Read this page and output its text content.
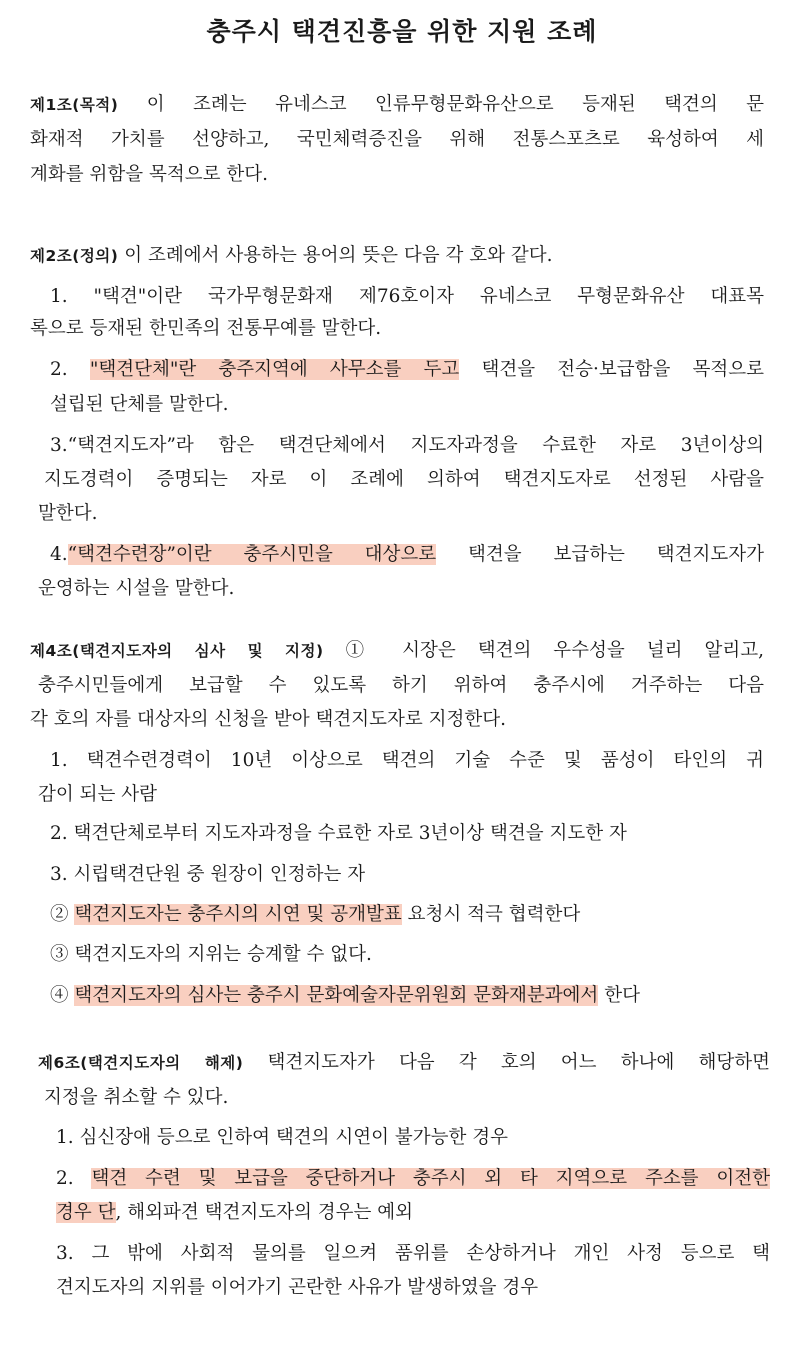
충주시 택견진흥을 위한 지원 조례
제1조(목적) 이 조례는 유네스코 인류무형문화유산으로 등재된 택견의 문
화재적 가치를 선양하고, 국민체력증진을 위해 전통스포츠로 육성하여 세
계화를 위함을 목적으로 한다.
제2조(정의) 이 조례에서 사용하는 용어의 뜻은 다음 각 호와 같다.
1. "택견"이란 국가무형문화재 제76호이자 유네스코 무형문화유산 대표목
록으로 등재된 한민족의 전통무예를 말한다.
2. "택견단체"란 충주지역에 사무소를 두고 택견을 전승·보급함을 목적으로
설립된 단체를 말한다.
3.“택견지도자”라 함은 택견단체에서 지도자과정을 수료한 자로 3년이상의
지도경력이 증명되는 자로 이 조례에 의하여 택견지도자로 선정된 사람을
말한다.
4.“택견수련장”이란 충주시민을 대상으로 택견을 보급하는 택견지도자가
운영하는 시설을 말한다.
제4조(택견지도자의 심사 및 지정) ① 시장은 택견의 우수성을 널리 알리고,
충주시민들에게 보급할 수 있도록 하기 위하여 충주시에 거주하는 다음
각 호의 자를 대상자의 신청을 받아 택견지도자로 지정한다.
1. 택견수련경력이 10년 이상으로 택견의 기술 수준 및 품성이 타인의 귀
감이 되는 사람
2. 택견단체로부터 지도자과정을 수료한 자로 3년이상 택견을 지도한 자
3. 시립택견단원 중 원장이 인정하는 자
② 택견지도자는 충주시의 시연 및 공개발표 요청시 적극 협력한다
③ 택견지도자의 지위는 승계할 수 없다.
④ 택견지도자의 심사는 충주시 문화예술자문위원회 문화재분과에서 한다
제6조(택견지도자의 해제) 택견지도자가 다음 각 호의 어느 하나에 해당하면
지정을 취소할 수 있다.
1. 심신장애 등으로 인하여 택견의 시연이 불가능한 경우
2. 택견 수련 및 보급을 중단하거나 충주시 외 타 지역으로 주소를 이전한
경우 단, 해외파견 택견지도자의 경우는 예외
3. 그 밖에 사회적 물의를 일으켜 품위를 손상하거나 개인 사정 등으로 택
견지도자의 지위를 이어가기 곤란한 사유가 발생하였을 경우
